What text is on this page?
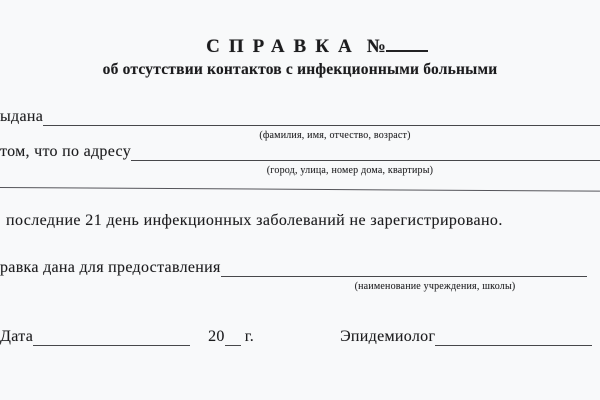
СПРАВКА №
об отсутствии контактов с инфекционными больными
ыдана
(фамилия, имя, отчество, возраст)
том, что по адресу
(город, улица, номер дома, квартиры)
последние 21 день инфекционных заболеваний не зарегистрировано.
равка дана для предоставления
(наименование учреждения, школы)
Дата	20 г.	Эпидемиолог
